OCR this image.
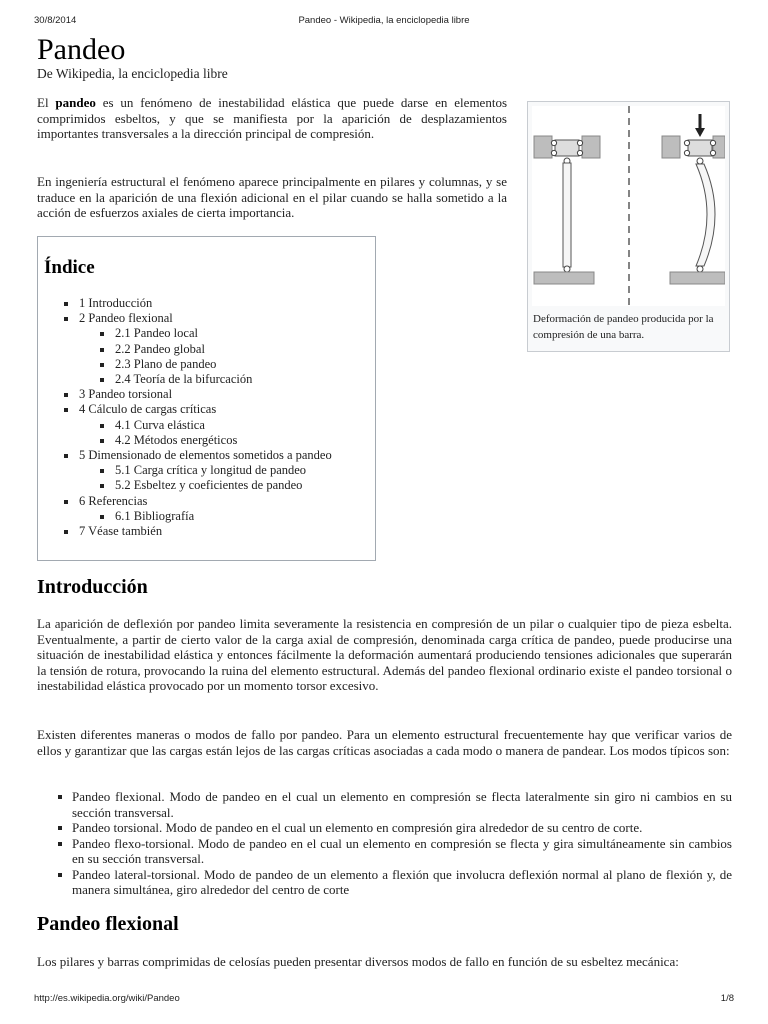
30/8/2014	Pandeo - Wikipedia, la enciclopedia libre
Pandeo
De Wikipedia, la enciclopedia libre

El pandeo es un fenómeno de inestabilidad elástica que puede darse en elementos comprimidos esbeltos, y que se manifiesta por la aparición de desplazamientos importantes transversales a la dirección principal de compresión.

En ingeniería estructural el fenómeno aparece principalmente en pilares y columnas, y se traduce en la aparición de una flexión adicional en el pilar cuando se halla sometido a la acción de esfuerzos axiales de cierta importancia.

Deformación de pandeo producida por la compresión de una barra.
Índice
1 Introducción
2 Pandeo flexional
2.1 Pandeo local
2.2 Pandeo global
2.3 Plano de pandeo
2.4 Teoría de la bifurcación
3 Pandeo torsional
4 Cálculo de cargas críticas
4.1 Curva elástica
4.2 Métodos energéticos
5 Dimensionado de elementos sometidos a pandeo
5.1 Carga crítica y longitud de pandeo
5.2 Esbeltez y coeficientes de pandeo
6 Referencias
6.1 Bibliografía
7 Véase también
Introducción

La aparición de deflexión por pandeo limita severamente la resistencia en compresión de un pilar o cualquier tipo de pieza esbelta. Eventualmente, a partir de cierto valor de la carga axial de compresión, denominada carga crítica de pandeo, puede producirse una situación de inestabilidad elástica y entonces fácilmente la deformación aumentará produciendo tensiones adicionales que superarán la tensión de rotura, provocando la ruina del elemento estructural. Además del pandeo flexional ordinario existe el pandeo torsional o inestabilidad elástica provocado por un momento torsor excesivo.

Existen diferentes maneras o modos de fallo por pandeo. Para un elemento estructural frecuentemente hay que verificar varios de ellos y garantizar que las cargas están lejos de las cargas críticas asociadas a cada modo o manera de pandear. Los modos típicos son:

Pandeo flexional. Modo de pandeo en el cual un elemento en compresión se flecta lateralmente sin giro ni cambios en su sección transversal.
Pandeo torsional. Modo de pandeo en el cual un elemento en compresión gira alrededor de su centro de corte.
Pandeo flexo-torsional. Modo de pandeo en el cual un elemento en compresión se flecta y gira simultáneamente sin cambios en su sección transversal.
Pandeo lateral-torsional. Modo de pandeo de un elemento a flexión que involucra deflexión normal al plano de flexión y, de manera simultánea, giro alrededor del centro de corte
Pandeo flexional

Los pilares y barras comprimidas de celosías pueden presentar diversos modos de fallo en función de su esbeltez mecánica:

http://es.wikipedia.org/wiki/Pandeo	1/8
